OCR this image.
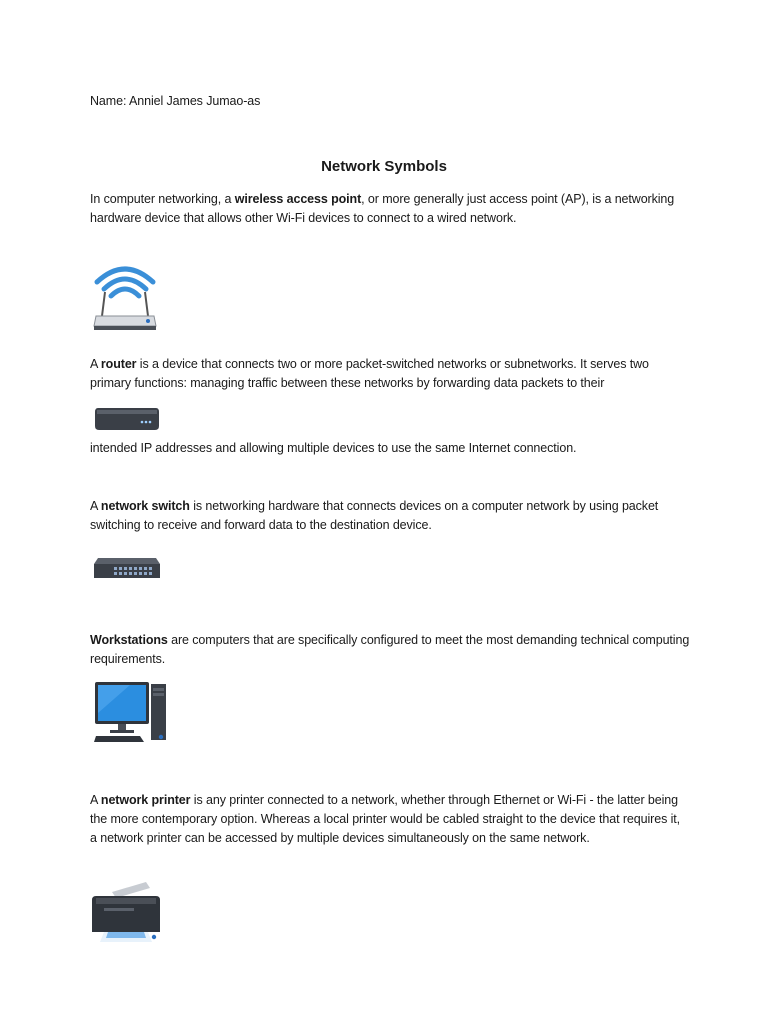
Name: Anniel James Jumao-as
Network Symbols
In computer networking, a wireless access point, or more generally just access point (AP), is a networking hardware device that allows other Wi-Fi devices to connect to a wired network.
A router is a device that connects two or more packet-switched networks or subnetworks. It serves two primary functions: managing traffic between these networks by forwarding data packets to their
intended IP addresses and allowing multiple devices to use the same Internet connection.
A network switch is networking hardware that connects devices on a computer network by using packet switching to receive and forward data to the destination device.
Workstations are computers that are specifically configured to meet the most demanding technical computing requirements.
A network printer is any printer connected to a network, whether through Ethernet or Wi-Fi - the latter being the more contemporary option. Whereas a local printer would be cabled straight to the device that requires it, a network printer can be accessed by multiple devices simultaneously on the same network.
